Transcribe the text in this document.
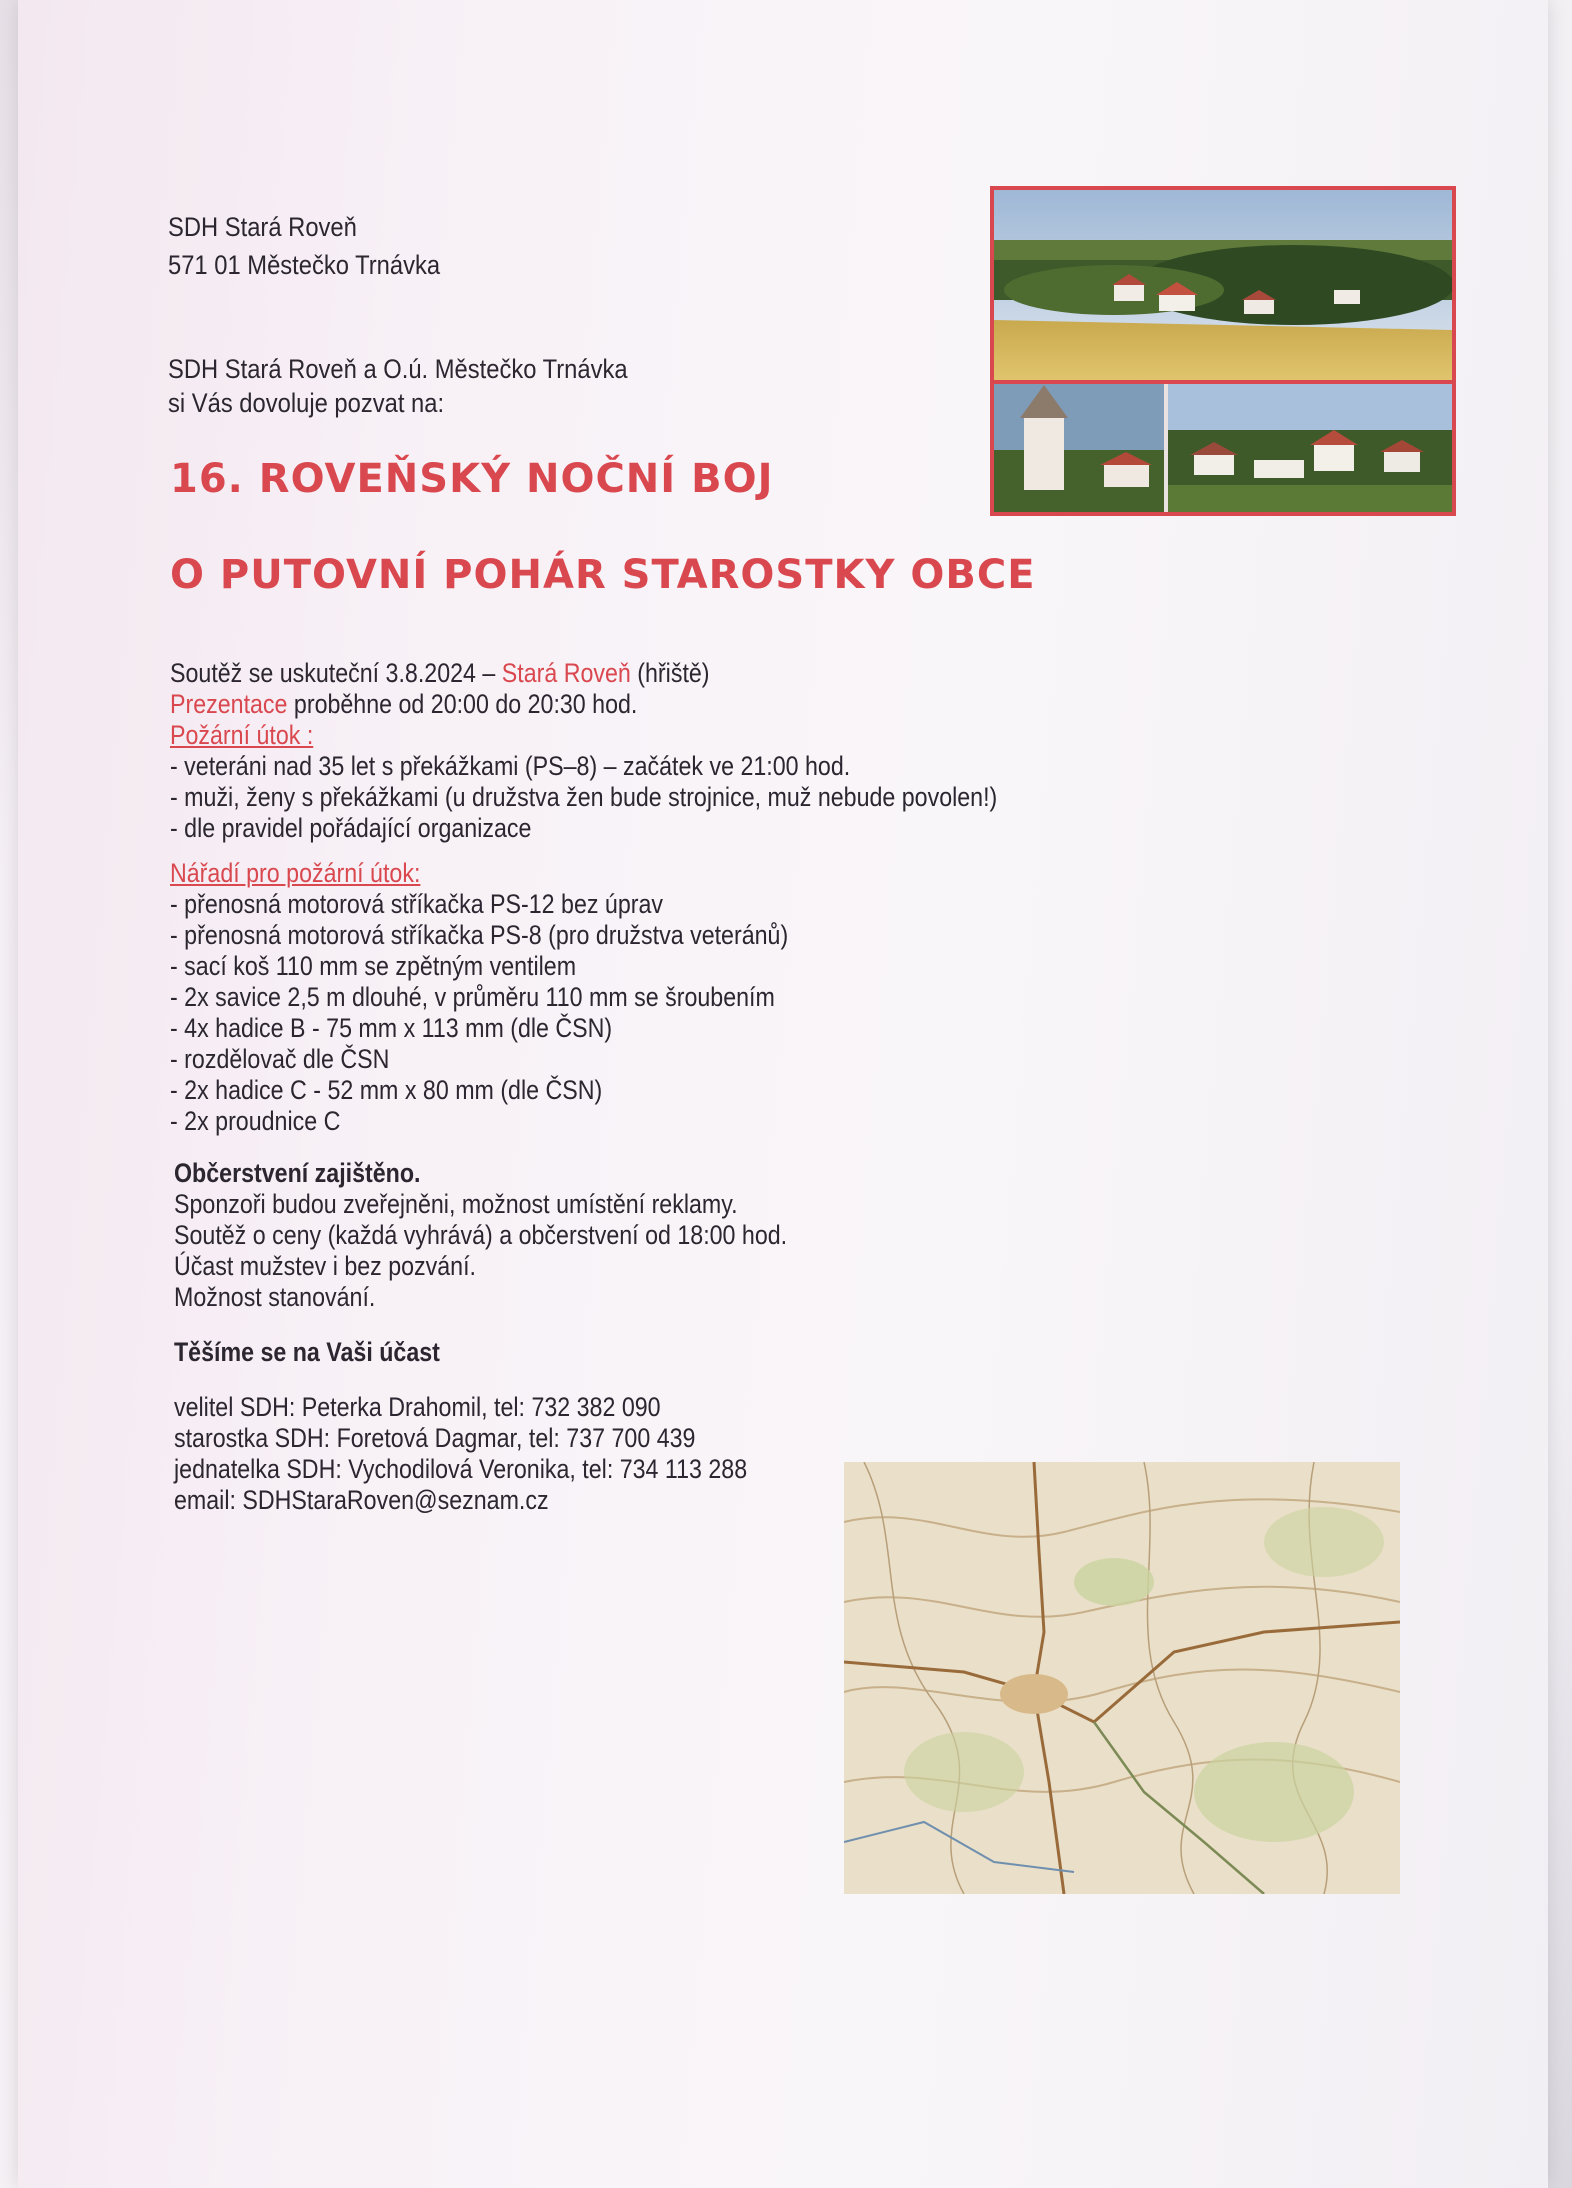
SDH Stará Roveň
571 01 Městečko Trnávka
SDH Stará Roveň a O.ú. Městečko Trnávka
si Vás dovoluje pozvat na:
16. ROVEŇSKÝ NOČNÍ BOJ
O PUTOVNÍ POHÁR STAROSTKY OBCE
Soutěž se uskuteční 3.8.2024 – Stará Roveň (hřiště)
Prezentace proběhne od 20:00 do 20:30 hod.
Požární útok :
- veteráni nad 35 let s překážkami (PS–8) – začátek ve 21:00 hod.
- muži, ženy s překážkami (u družstva žen bude strojnice, muž nebude povolen!)
- dle pravidel pořádající organizace
Nářadí pro požární útok:
- přenosná motorová stříkačka PS-12 bez úprav
- přenosná motorová stříkačka PS-8 (pro družstva veteránů)
- sací koš 110 mm se zpětným ventilem
- 2x savice 2,5 m dlouhé, v průměru 110 mm se šroubením
- 4x hadice B - 75 mm x 113 mm (dle ČSN)
- rozdělovač dle ČSN
- 2x hadice C - 52 mm x 80 mm (dle ČSN)
- 2x proudnice C
Občerstvení zajištěno.
Sponzoři budou zveřejněni, možnost umístění reklamy.
Soutěž o ceny (každá vyhrává) a občerstvení od 18:00 hod.
Účast mužstev i bez pozvání.
Možnost stanování.
Těšíme se na Vaši účast
velitel SDH: Peterka Drahomil, tel: 732 382 090
starostka SDH: Foretová Dagmar, tel: 737 700 439
jednatelka SDH: Vychodilová Veronika, tel: 734 113 288
email: SDHStaraRoven@seznam.cz
